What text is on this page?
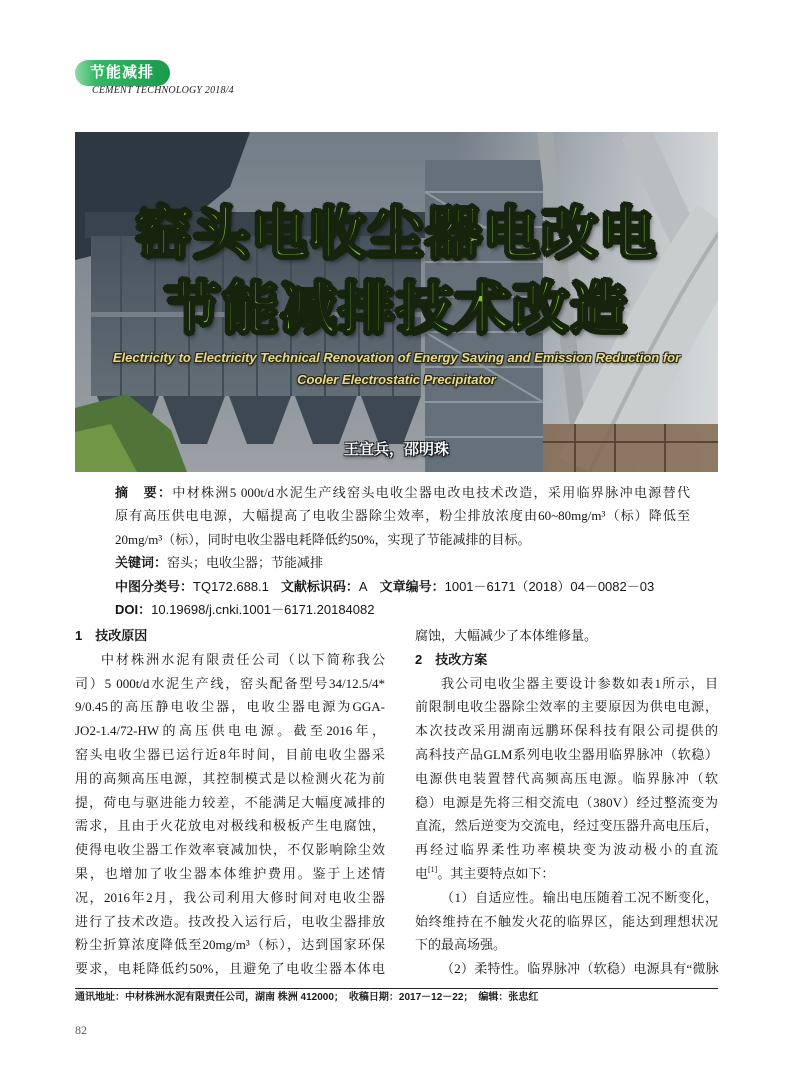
节能减排
CEMENT TECHNOLOGY 2018/4
窑头电收尘器电改电
节能减排技术改造
Electricity to Electricity Technical Renovation of Energy Saving and Emission Reduction for
Cooler Electrostatic Precipitator
王宜兵，邵明珠
摘　要：中材株洲5 000t/d水泥生产线窑头电收尘器电改电技术改造，采用临界脉冲电源替代
原有高压供电电源，大幅提高了电收尘器除尘效率，粉尘排放浓度由60~80mg/m³（标）降低至
20mg/m³（标），同时电收尘器电耗降低约50%，实现了节能减排的目标。
关键词：窑头；电收尘器；节能减排
中图分类号：TQ172.688.1 文献标识码：A 文章编号：1001－6171（2018）04－0082－03
DOI：10.19698/j.cnki.1001－6171.20184082
1　技改原因
中材株洲水泥有限责任公司（以下简称我公
司）5 000t/d水泥生产线，窑头配备型号34/12.5/4*
9/0.45的高压静电收尘器，电收尘器电源为GGA-
JO2-1.4/72-HW的高压供电电源。截至2016年，
窑头电收尘器已运行近8年时间，目前电收尘器采
用的高频高压电源，其控制模式是以检测火花为前
提，荷电与驱进能力较差，不能满足大幅度减排的
需求，且由于火花放电对极线和极板产生电腐蚀，
使得电收尘器工作效率衰减加快，不仅影响除尘效
果，也增加了收尘器本体维护费用。鉴于上述情
况，2016年2月，我公司利用大修时间对电收尘器
进行了技术改造。技改投入运行后，电收尘器排放
粉尘折算浓度降低至20mg/m³（标），达到国家环保
要求，电耗降低约50%，且避免了电收尘器本体电
腐蚀，大幅减少了本体维修量。
2　技改方案
我公司电收尘器主要设计参数如表1所示，目
前限制电收尘器除尘效率的主要原因为供电电源，
本次技改采用湖南远鹏环保科技有限公司提供的
高科技产品GLM系列电收尘器用临界脉冲（软稳）
电源供电装置替代高频高压电源。临界脉冲（软
稳）电源是先将三相交流电（380V）经过整流变为
直流，然后逆变为交流电，经过变压器升高电压后，
再经过临界柔性功率模块变为波动极小的直流
电[1]。其主要特点如下：
（1）自适应性。输出电压随着工况不断变化，
始终维持在不触发火花的临界区，能达到理想状况
下的最高场强。
（2）柔特性。临界脉冲（软稳）电源具有“微脉
通讯地址：中材株洲水泥有限责任公司，湖南 株洲 412000；　收稿日期：2017－12－22；　编辑：张忠红
82
